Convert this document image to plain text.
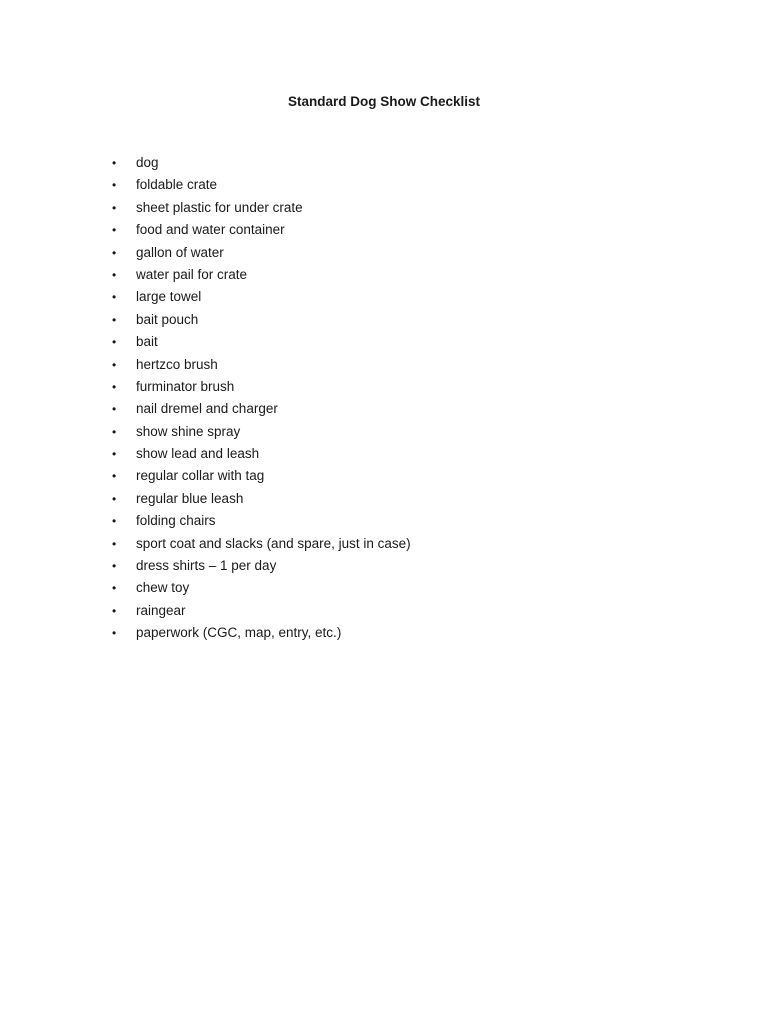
Standard Dog Show Checklist
•	dog
•	foldable crate
•	sheet plastic for under crate
•	food and water container
•	gallon of water
•	water pail for crate
•	large towel
•	bait pouch
•	bait
•	hertzco brush
•	furminator brush
•	nail dremel and charger
•	show shine spray
•	show lead and leash
•	regular collar with tag
•	regular blue leash
•	folding chairs
•	sport coat and slacks (and spare, just in case)
•	dress shirts – 1 per day
•	chew toy
•	raingear
•	paperwork (CGC, map, entry, etc.)
